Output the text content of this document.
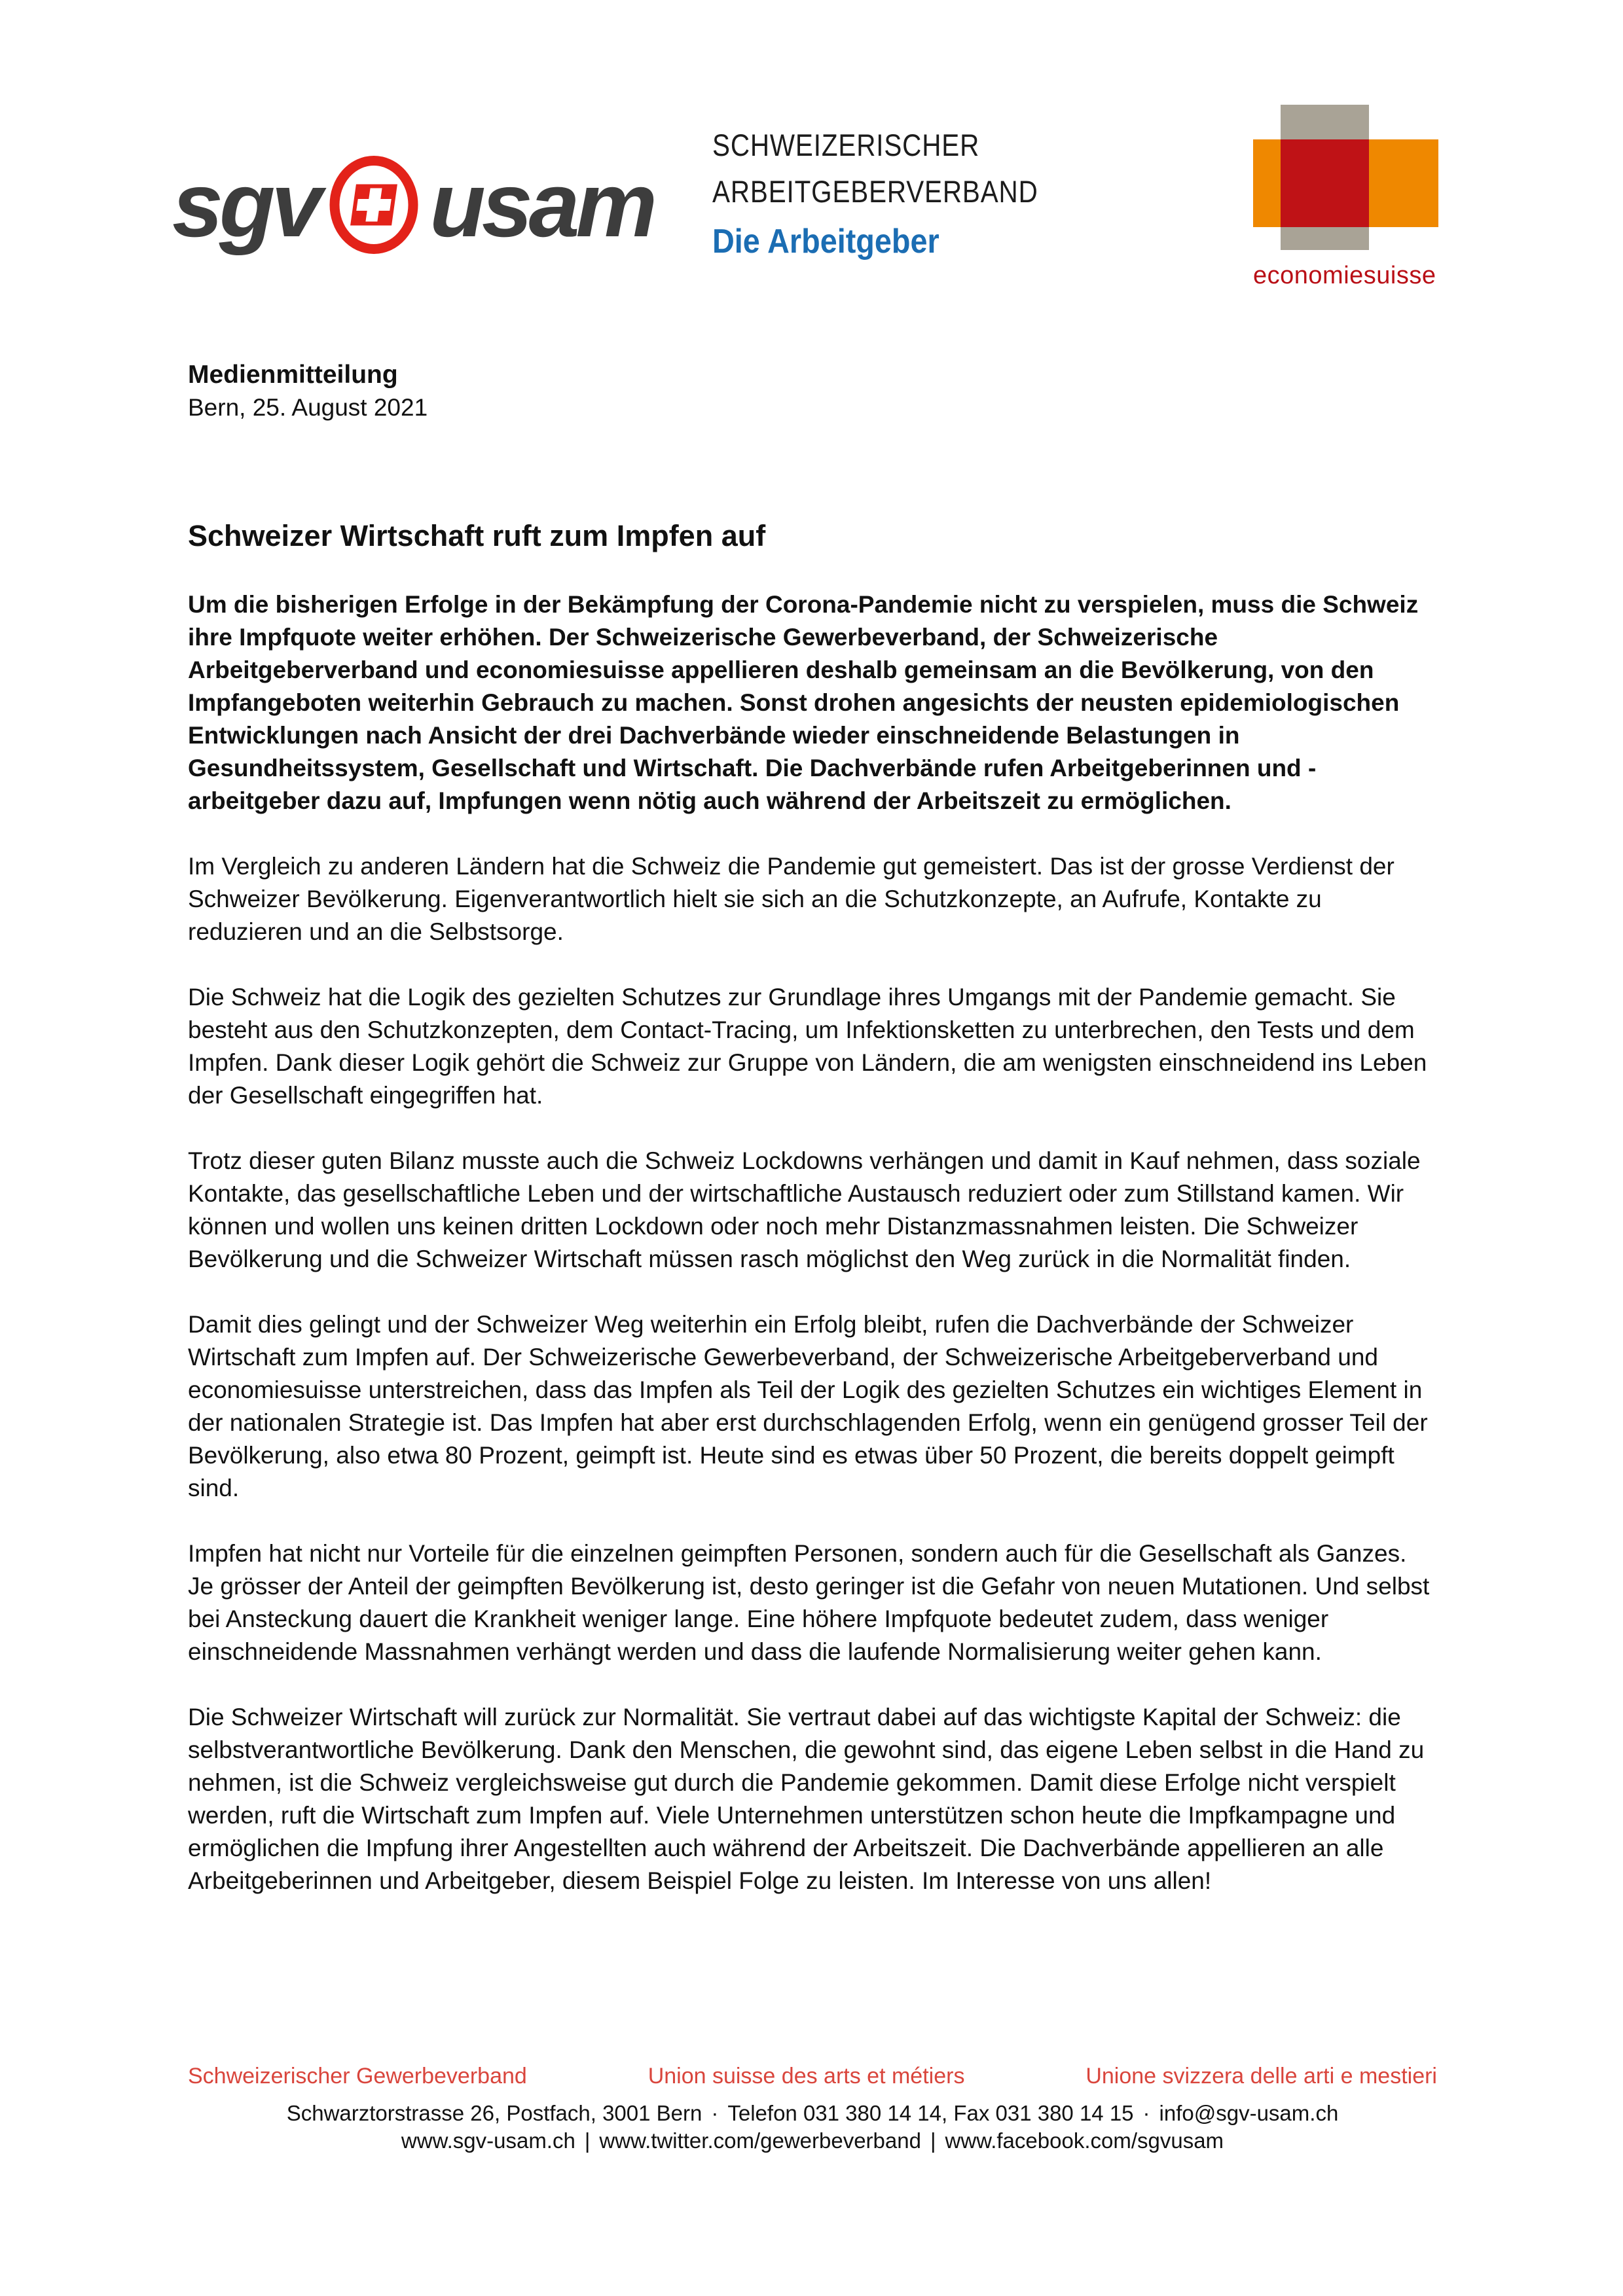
sgv usam
SCHWEIZERISCHER
ARBEITGEBERVERBAND
Die Arbeitgeber
economiesuisse
Medienmitteilung
Bern, 25. August 2021
Schweizer Wirtschaft ruft zum Impfen auf

Um die bisherigen Erfolge in der Bekämpfung der Corona-Pandemie nicht zu verspielen, muss die Schweiz ihre Impfquote weiter erhöhen. Der Schweizerische Gewerbeverband, der Schweizerische Arbeitgeberverband und economiesuisse appellieren deshalb gemeinsam an die Bevölkerung, von den Impfangeboten weiterhin Gebrauch zu machen. Sonst drohen angesichts der neusten epidemiologischen Entwicklungen nach Ansicht der drei Dachverbände wieder einschneidende Belastungen in Gesundheitssystem, Gesellschaft und Wirtschaft. Die Dachverbände rufen Arbeitgeberinnen und -arbeitgeber dazu auf, Impfungen wenn nötig auch während der Arbeitszeit zu ermöglichen.

Im Vergleich zu anderen Ländern hat die Schweiz die Pandemie gut gemeistert. Das ist der grosse Verdienst der Schweizer Bevölkerung. Eigenverantwortlich hielt sie sich an die Schutzkonzepte, an Aufrufe, Kontakte zu reduzieren und an die Selbstsorge.

Die Schweiz hat die Logik des gezielten Schutzes zur Grundlage ihres Umgangs mit der Pandemie gemacht. Sie besteht aus den Schutzkonzepten, dem Contact-Tracing, um Infektionsketten zu unterbrechen, den Tests und dem Impfen. Dank dieser Logik gehört die Schweiz zur Gruppe von Ländern, die am wenigsten einschneidend ins Leben der Gesellschaft eingegriffen hat.

Trotz dieser guten Bilanz musste auch die Schweiz Lockdowns verhängen und damit in Kauf nehmen, dass soziale Kontakte, das gesellschaftliche Leben und der wirtschaftliche Austausch reduziert oder zum Stillstand kamen. Wir können und wollen uns keinen dritten Lockdown oder noch mehr Distanzmassnahmen leisten. Die Schweizer Bevölkerung und die Schweizer Wirtschaft müssen rasch möglichst den Weg zurück in die Normalität finden.

Damit dies gelingt und der Schweizer Weg weiterhin ein Erfolg bleibt, rufen die Dachverbände der Schweizer Wirtschaft zum Impfen auf. Der Schweizerische Gewerbeverband, der Schweizerische Arbeitgeberverband und economiesuisse unterstreichen, dass das Impfen als Teil der Logik des gezielten Schutzes ein wichtiges Element in der nationalen Strategie ist. Das Impfen hat aber erst durchschlagenden Erfolg, wenn ein genügend grosser Teil der Bevölkerung, also etwa 80 Prozent, geimpft ist. Heute sind es etwas über 50 Prozent, die bereits doppelt geimpft sind.

Impfen hat nicht nur Vorteile für die einzelnen geimpften Personen, sondern auch für die Gesellschaft als Ganzes. Je grösser der Anteil der geimpften Bevölkerung ist, desto geringer ist die Gefahr von neuen Mutationen. Und selbst bei Ansteckung dauert die Krankheit weniger lange. Eine höhere Impfquote bedeutet zudem, dass weniger einschneidende Massnahmen verhängt werden und dass die laufende Normalisierung weiter gehen kann.

Die Schweizer Wirtschaft will zurück zur Normalität. Sie vertraut dabei auf das wichtigste Kapital der Schweiz: die selbstverantwortliche Bevölkerung. Dank den Menschen, die gewohnt sind, das eigene Leben selbst in die Hand zu nehmen, ist die Schweiz vergleichsweise gut durch die Pandemie gekommen. Damit diese Erfolge nicht verspielt werden, ruft die Wirtschaft zum Impfen auf. Viele Unternehmen unterstützen schon heute die Impfkampagne und ermöglichen die Impfung ihrer Angestellten auch während der Arbeitszeit. Die Dachverbände appellieren an alle Arbeitgeberinnen und Arbeitgeber, diesem Beispiel Folge zu leisten. Im Interesse von uns allen!

Schweizerischer Gewerbeverband	Union suisse des arts et métiers	Unione svizzera delle arti e mestieri
Schwarztorstrasse 26, Postfach, 3001 Bern · Telefon 031 380 14 14, Fax 031 380 14 15 · info@sgv-usam.ch
www.sgv-usam.ch | www.twitter.com/gewerbeverband | www.facebook.com/sgvusam
